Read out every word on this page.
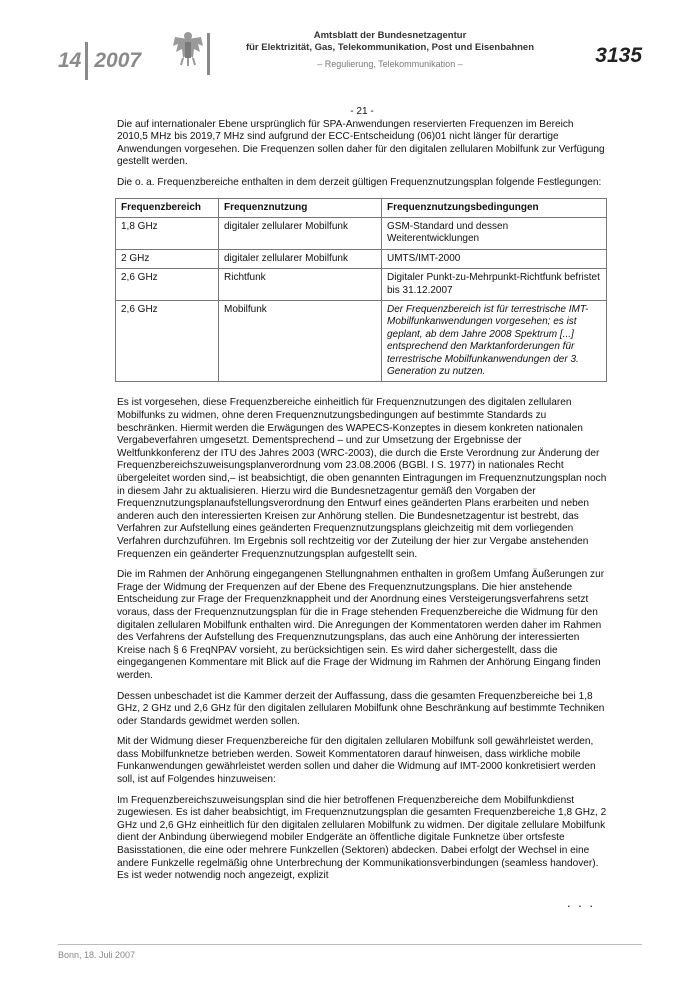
14 2007
Amtsblatt der Bundesnetzagentur
für Elektrizität, Gas, Telekommunikation, Post und Eisenbahnen
– Regulierung, Telekommunikation –	3135

- 21 -

Die auf internationaler Ebene ursprünglich für SPA-Anwendungen reservierten Frequenzen im Bereich 2010,5 MHz bis 2019,7 MHz sind aufgrund der ECC-Entscheidung (06)01 nicht länger für derartige Anwendungen vorgesehen. Die Frequenzen sollen daher für den digitalen zellularen Mobilfunk zur Verfügung gestellt werden.

Die o. a. Frequenzbereiche enthalten in dem derzeit gültigen Frequenznutzungsplan folgende Festlegungen:

Frequenzbereich	Frequenznutzung	Frequenznutzungsbedingungen
1,8 GHz	digitaler zellularer Mobilfunk	GSM-Standard und dessen Weiterentwicklungen
2 GHz	digitaler zellularer Mobilfunk	UMTS/IMT-2000
2,6 GHz	Richtfunk	Digitaler Punkt-zu-Mehrpunkt-Richtfunk befristet bis 31.12.2007
2,6 GHz	Mobilfunk	Der Frequenzbereich ist für terrestrische IMT-Mobilfunkanwendungen vorgesehen; es ist geplant, ab dem Jahre 2008 Spektrum [...] entsprechend den Marktanforderungen für terrestrische Mobilfunkanwendungen der 3. Generation zu nutzen.

Es ist vorgesehen, diese Frequenzbereiche einheitlich für Frequenznutzungen des digitalen zellularen Mobilfunks zu widmen, ohne deren Frequenznutzungsbedingungen auf bestimmte Standards zu beschränken. Hiermit werden die Erwägungen des WAPECS-Konzeptes in diesem konkreten nationalen Vergabeverfahren umgesetzt. Dementsprechend – und zur Umsetzung der Ergebnisse der Weltfunkkonferenz der ITU des Jahres 2003 (WRC-2003), die durch die Erste Verordnung zur Änderung der Frequenzbereichszuweisungsplanverordnung vom 23.08.2006 (BGBl. I S. 1977) in nationales Recht übergeleitet worden sind,– ist beabsichtigt, die oben genannten Eintragungen im Frequenznutzungsplan noch in diesem Jahr zu aktualisieren. Hierzu wird die Bundesnetzagentur gemäß den Vorgaben der Frequenznutzungsplanaufstellungsverordnung den Entwurf eines geänderten Plans erarbeiten und neben anderen auch den interessierten Kreisen zur Anhörung stellen. Die Bundesnetzagentur ist bestrebt, das Verfahren zur Aufstellung eines geänderten Frequenznutzungsplans gleichzeitig mit dem vorliegenden Verfahren durchzuführen. Im Ergebnis soll rechtzeitig vor der Zuteilung der hier zur Vergabe anstehenden Frequenzen ein geänderter Frequenznutzungsplan aufgestellt sein.

Die im Rahmen der Anhörung eingegangenen Stellungnahmen enthalten in großem Umfang Äußerungen zur Frage der Widmung der Frequenzen auf der Ebene des Frequenznutzungsplans. Die hier anstehende Entscheidung zur Frage der Frequenzknappheit und der Anordnung eines Versteigerungsverfahrens setzt voraus, dass der Frequenznutzungsplan für die in Frage stehenden Frequenzbereiche die Widmung für den digitalen zellularen Mobilfunk enthalten wird. Die Anregungen der Kommentatoren werden daher im Rahmen des Verfahrens der Aufstellung des Frequenznutzungsplans, das auch eine Anhörung der interessierten Kreise nach § 6 FreqNPAV vorsieht, zu berücksichtigen sein. Es wird daher sichergestellt, dass die eingegangenen Kommentare mit Blick auf die Frage der Widmung im Rahmen der Anhörung Eingang finden werden.

Dessen unbeschadet ist die Kammer derzeit der Auffassung, dass die gesamten Frequenzbereiche bei 1,8 GHz, 2 GHz und 2,6 GHz für den digitalen zellularen Mobilfunk ohne Beschränkung auf bestimmte Techniken oder Standards gewidmet werden sollen.

Mit der Widmung dieser Frequenzbereiche für den digitalen zellularen Mobilfunk soll gewährleistet werden, dass Mobilfunknetze betrieben werden. Soweit Kommentatoren darauf hinweisen, dass wirkliche mobile Funkanwendungen gewährleistet werden sollen und daher die Widmung auf IMT-2000 konkretisiert werden soll, ist auf Folgendes hinzuweisen:

Im Frequenzbereichszuweisungsplan sind die hier betroffenen Frequenzbereiche dem Mobilfunkdienst zugewiesen. Es ist daher beabsichtigt, im Frequenznutzungsplan die gesamten Frequenzbereiche 1,8 GHz, 2 GHz und 2,6 GHz einheitlich für den digitalen zellularen Mobilfunk zu widmen. Der digitale zellulare Mobilfunk dient der Anbindung überwiegend mobiler Endgeräte an öffentliche digitale Funknetze über ortsfeste Basisstationen, die eine oder mehrere Funkzellen (Sektoren) abdecken. Dabei erfolgt der Wechsel in eine andere Funkzelle regelmäßig ohne Unterbrechung der Kommunikationsverbindungen (seamless handover). Es ist weder notwendig noch angezeigt, explizit

. . .
Bonn, 18. Juli 2007
